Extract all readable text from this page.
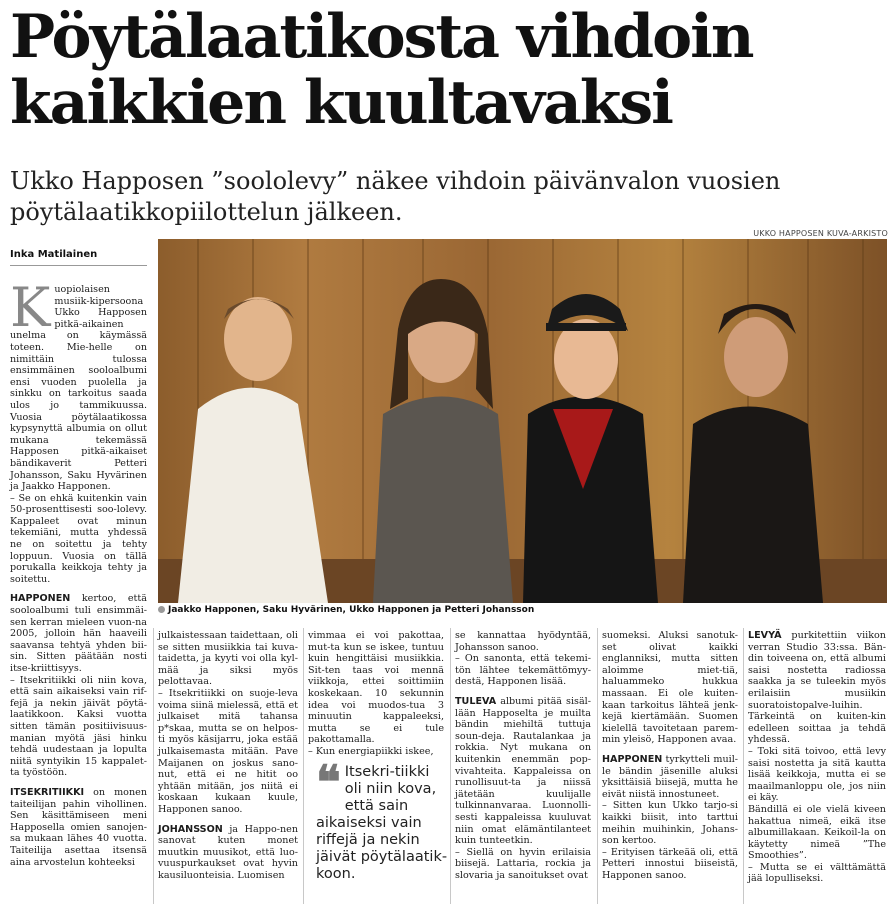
Pöytälaatikosta vihdoin
kaikkien kuultavaksi
Ukko Happosen ”soololevy” näkee vihdoin päivänvalon vuosien
pöytälaatikkopiilottelun jälkeen.
UKKO HAPPOSEN KUVA-ARKISTO
Inka Matilainen
Jaakko Happonen, Saku Hyvärinen, Ukko Happonen ja Petteri Johansson

Kuopiolaisen musiik-kipersoona Ukko Happosen pitkä-aikainen unelma on käymässä toteen. Mie-helle on nimittäin tulossa ensimmäinen sooloalbumi ensi vuoden puolella ja sinkku on tarkoitus saada ulos jo tammikuussa. Vuosia pöytälaatikossa kypsynyttä albumia on ollut mukana tekemässä Happosen pitkä-aikaiset bändikaverit Petteri Johansson, Saku Hyvärinen ja Jaakko Happonen.

– Se on ehkä kuitenkin vain 50-prosenttisesti soo-lolevy. Kappaleet ovat minun tekemiäni, mutta yhdessä ne on soitettu ja tehty loppuun. Vuosia on tällä porukalla keikkoja tehty ja soitettu.

HAPPONEN kertoo, että sooloalbumi tuli ensimmäi-sen kerran mieleen vuon-na 2005, jolloin hän haaveili saavansa tehtyä yhden bii-sin. Sitten päätään nosti itse-kriittisyys.

– Itsekritiikki oli niin kova, että sain aikaiseksi vain rif-fejä ja nekin jäivät pöytä-laatikkoon. Kaksi vuotta sitten tämän positiivisuus-manian myötä jäsi hinku tehdä uudestaan ja lopulta niitä syntyikin 15 kappalet-ta työstöön.

ITSEKRITIIKKI on monen taiteilijan pahin vihollinen. Sen käsittämiseen meni Happosella omien sanojen-sa mukaan lähes 40 vuotta. Taiteilija asettaa itsensä aina arvostelun kohteeksi

julkaistessaan taidettaan, oli se sitten musiikkia tai kuva-taidetta, ja kyyti voi olla kyl-mää ja siksi myös pelottavaa.

– Itsekritiikki on suoje-leva voima siinä mielessä, että et julkaiset mitä tahansa p*skaa, mutta se on helpos-ti myös käsijarru, joka estää julkaisemasta mitään. Pave Maijanen on joskus sano-nut, että ei ne hitit oo yhtään mitään, jos niitä ei koskaan kukaan kuule, Happonen sanoo.

JOHANSSON ja Happo-nen sanovat kuten monet muutkin muusikot, että luo-vuuspurkaukset ovat hyvin kausiluonteisia. Luomisen

vimmaa ei voi pakottaa, mut-ta kun se iskee, tuntuu kuin hengittäisi musiikkia. Sit-ten taas voi mennä viikkoja, ettei soittimiin koskekaan. 10 sekunnin idea voi muodos-tua 3 minuutin kappaleeksi, mutta se ei tule pakottamalla.

– Kun energiapiikki iskee,

❝ Itsekri-tiikki oli niin kova, että sain aikaiseksi vain riffejä ja nekin jäivät pöytälaatik-koon.

se kannattaa hyödyntää, Johansson sanoo.

– On sanonta, että tekemi-tön lähtee tekemättömyy-destä, Happonen lisää.

TULEVA albumi pitää sisäl-lään Happoselta je muilta bändin miehiltä tuttuja soun-deja. Rautalankaa ja rokkia. Nyt mukana on kuitenkin enemmän pop-vivahteita. Kappaleissa on runollisuut-ta ja niissä jätetään kuulijalle tulkinnanvaraa. Luonnolli-sesti kappaleissa kuuluvat niin omat elämäntilanteet kuin tunteetkin.

– Siellä on hyvin erilaisia biisejä. Lattaria, rockia ja slovaria ja sanoitukset ovat

suomeksi. Aluksi sanotuk-set olivat kaikki englanniksi, mutta sitten aloimme miet-tiä, haluammeko hukkua massaan. Ei ole kuiten-kaan tarkoitus lähteä jenk-kejä kiertämään. Suomen kielellä tavoitetaan parem-min yleisö, Happonen avaa.

HAPPONEN tyrkytteli muil-le bändin jäsenille aluksi yksittäisiä biisejä, mutta he eivät niistä innostuneet.

– Sitten kun Ukko tarjo-si kaikki biisit, into tarttui meihin muihinkin, Johans-son kertoo.

– Erityisen tärkeää oli, että Petteri innostui biiseistä, Happonen sanoo.

LEVYÄ purkitettiin viikon verran Studio 33:ssa. Bän-din toiveena on, että albumi saisi nostetta radiossa saakka ja se tuleekin myös erilaisiin musiikin suoratoistopalve-luihin. Tärkeintä on kuiten-kin edelleen soittaa ja tehdä yhdessä.

– Toki sitä toivoo, että levy saisi nostetta ja sitä kautta lisää keikkoja, mutta ei se maailmanloppu ole, jos niin ei käy.

Bändillä ei ole vielä kiveen hakattua nimeä, eikä itse albumillakaan. Keikoil-la on käytetty nimeä ”The Smoothies”.

– Mutta se ei välttämättä jää lopulliseksi.
